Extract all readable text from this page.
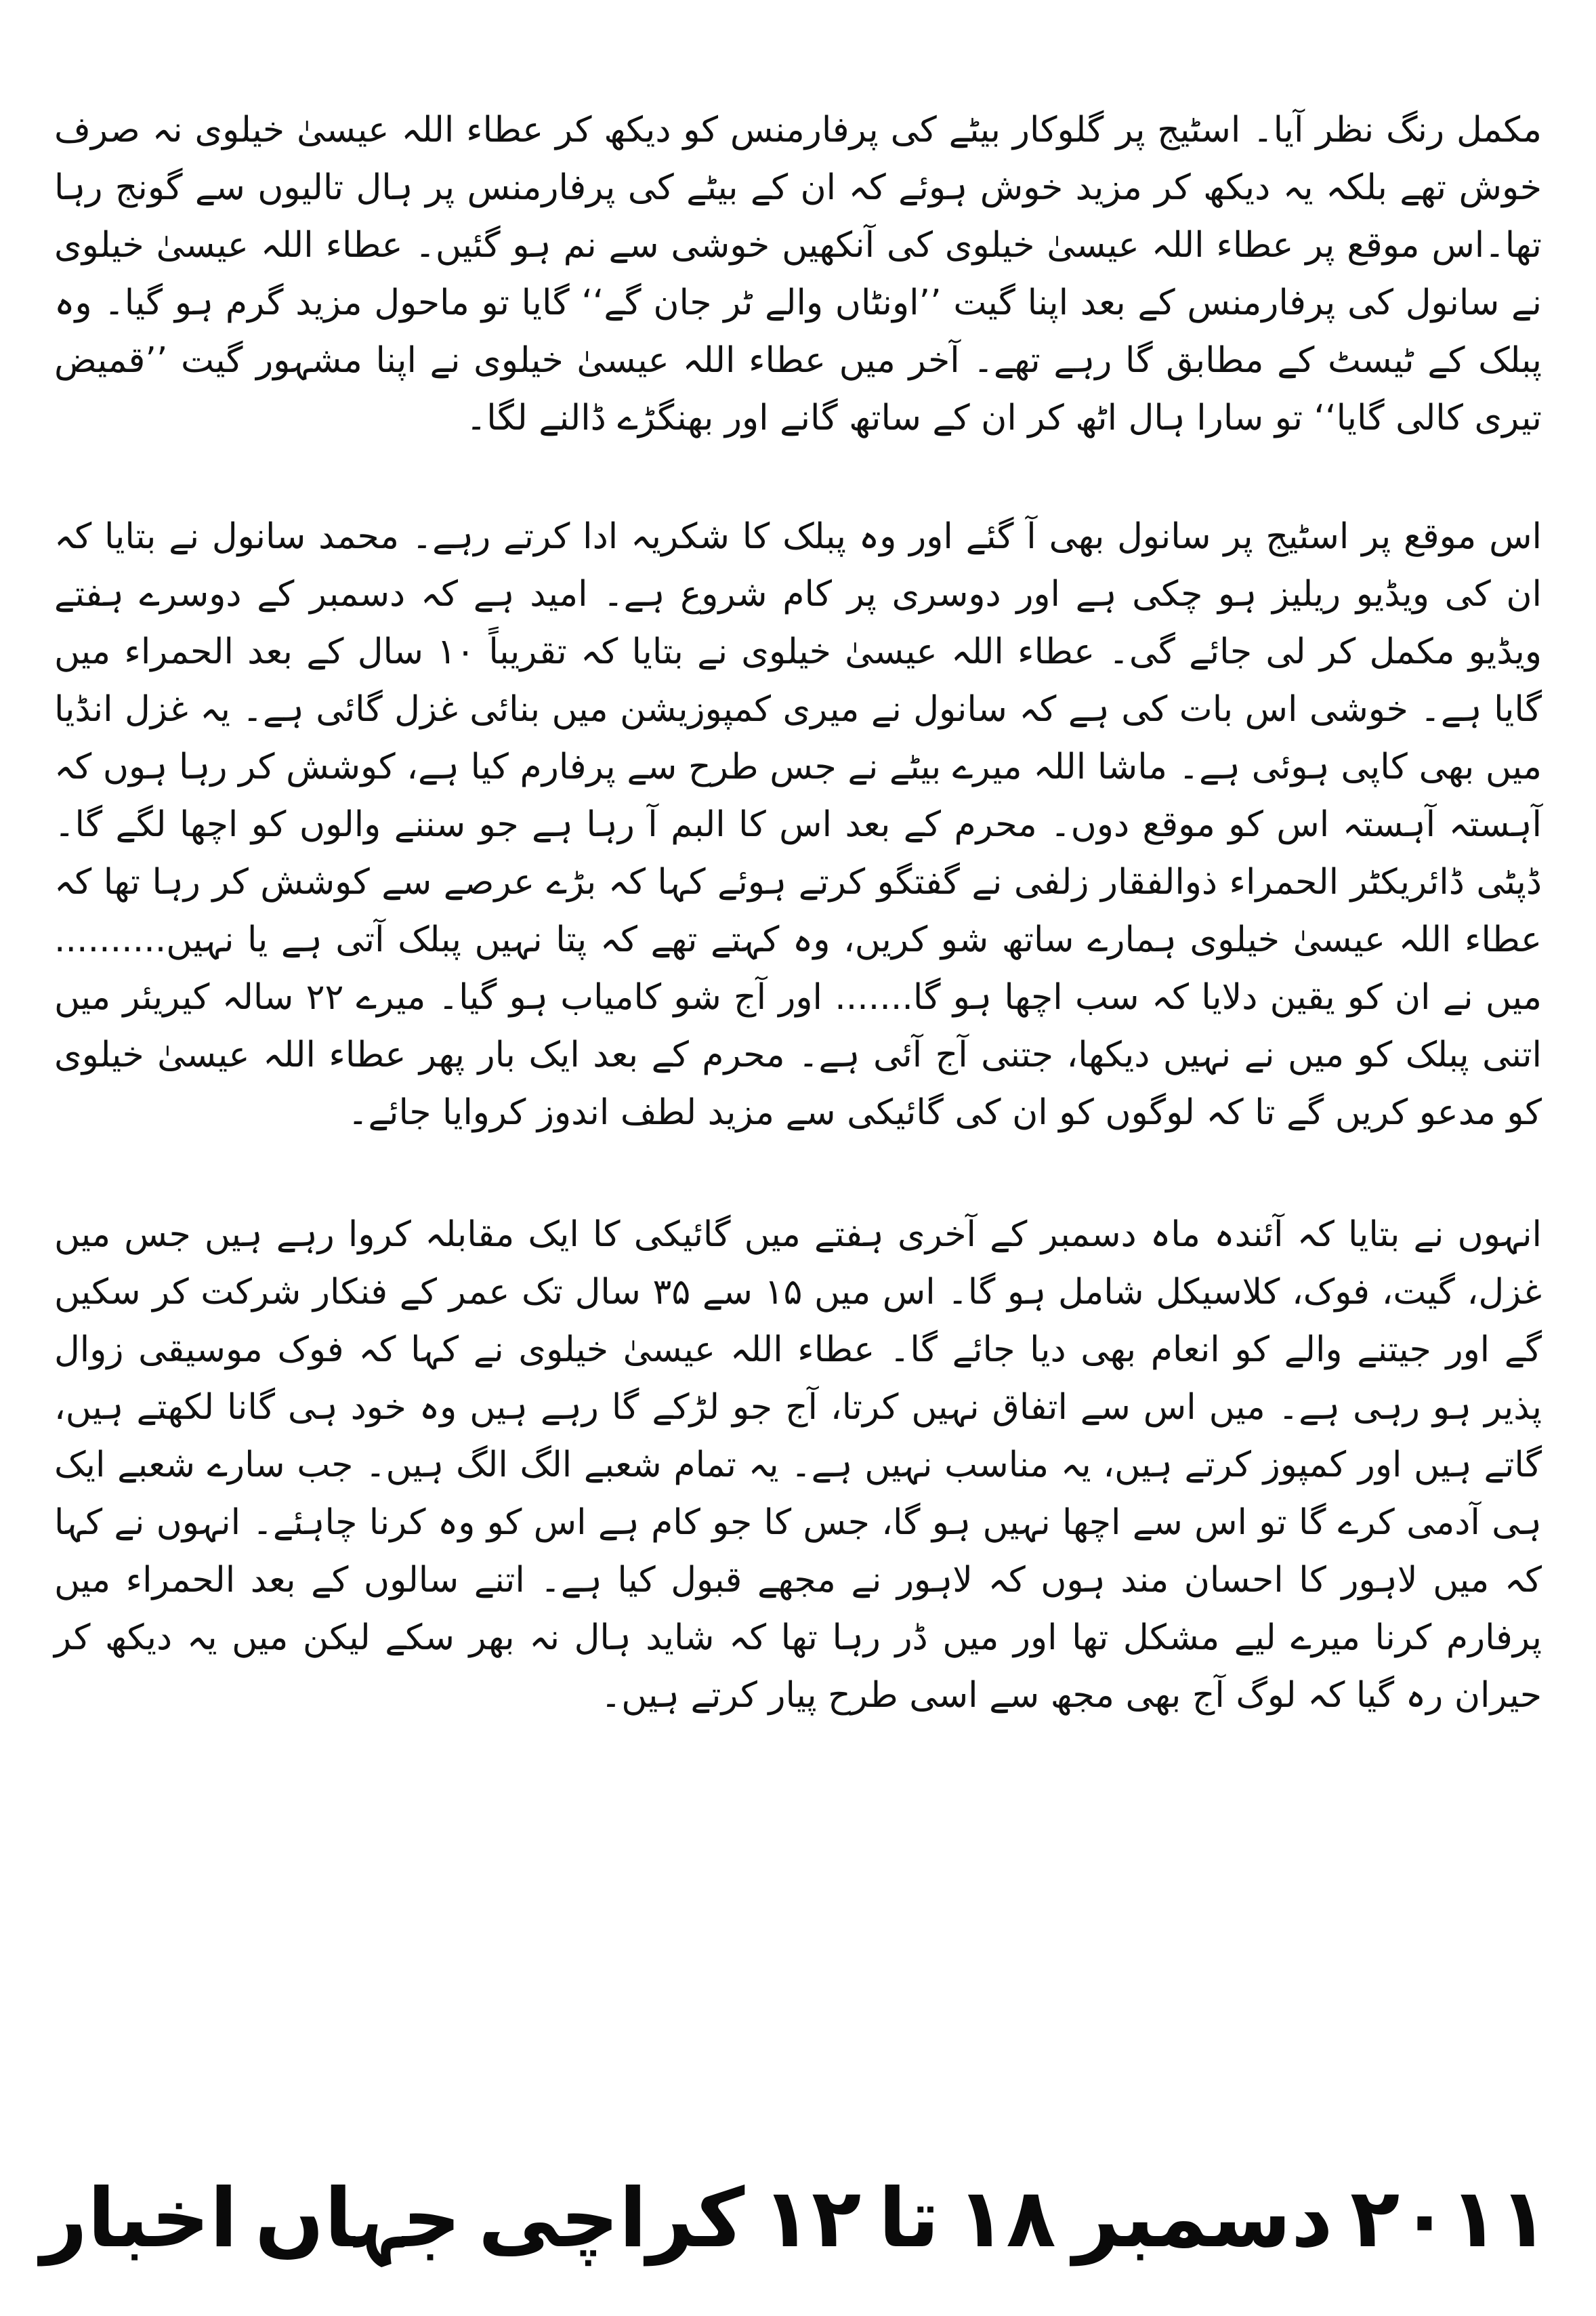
مکمل رنگ نظر آیا۔ اسٹیج پر گلوکار بیٹے کی پرفارمنس کو دیکھ کر عطاء اللہ عیسیٰ خیلوی نہ صرف خوش تھے بلکہ یہ دیکھ کر مزید خوش ہوئے کہ ان کے بیٹے کی پرفارمنس پر ہال تالیوں سے گونج رہا تھا۔اس موقع پر عطاء اللہ عیسیٰ خیلوی کی آنکھیں خوشی سے نم ہو گئیں۔ عطاء اللہ عیسیٰ خیلوی نے سانول کی پرفارمنس کے بعد اپنا گیت ’’اونٹاں والے ٹر جان گے‘‘ گایا تو ماحول مزید گرم ہو گیا۔ وہ پبلک کے ٹیسٹ کے مطابق گا رہے تھے۔ آخر میں عطاء اللہ عیسیٰ خیلوی نے اپنا مشہور گیت ’’قمیض تیری کالی گایا‘‘ تو سارا ہال اٹھ کر ان کے ساتھ گانے اور بھنگڑے ڈالنے لگا۔

اس موقع پر اسٹیج پر سانول بھی آ گئے اور وہ پبلک کا شکریہ ادا کرتے رہے۔ محمد سانول نے بتایا کہ ان کی ویڈیو ریلیز ہو چکی ہے اور دوسری پر کام شروع ہے۔ امید ہے کہ دسمبر کے دوسرے ہفتے ویڈیو مکمل کر لی جائے گی۔ عطاء اللہ عیسیٰ خیلوی نے بتایا کہ تقریباً ۱۰ سال کے بعد الحمراء میں گایا ہے۔ خوشی اس بات کی ہے کہ سانول نے میری کمپوزیشن میں بنائی غزل گائی ہے۔ یہ غزل انڈیا میں بھی کاپی ہوئی ہے۔ ماشا اللہ میرے بیٹے نے جس طرح سے پرفارم کیا ہے، کوشش کر رہا ہوں کہ آہستہ آہستہ اس کو موقع دوں۔ محرم کے بعد اس کا البم آ رہا ہے جو سننے والوں کو اچھا لگے گا۔ ڈپٹی ڈائریکٹر الحمراء ذوالفقار زلفی نے گفتگو کرتے ہوئے کہا کہ بڑے عرصے سے کوشش کر رہا تھا کہ عطاء اللہ عیسیٰ خیلوی ہمارے ساتھ شو کریں، وہ کہتے تھے کہ پتا نہیں پبلک آتی ہے یا نہیں.......... میں نے ان کو یقین دلایا کہ سب اچھا ہو گا....... اور آج شو کامیاب ہو گیا۔ میرے ۲۲ سالہ کیریئر میں اتنی پبلک کو میں نے نہیں دیکھا، جتنی آج آئی ہے۔ محرم کے بعد ایک بار پھر عطاء اللہ عیسیٰ خیلوی کو مدعو کریں گے تا کہ لوگوں کو ان کی گائیکی سے مزید لطف اندوز کروایا جائے۔

انہوں نے بتایا کہ آئندہ ماہ دسمبر کے آخری ہفتے میں گائیکی کا ایک مقابلہ کروا رہے ہیں جس میں غزل، گیت، فوک، کلاسیکل شامل ہو گا۔ اس میں ۱۵ سے ۳۵ سال تک عمر کے فنکار شرکت کر سکیں گے اور جیتنے والے کو انعام بھی دیا جائے گا۔ عطاء اللہ عیسیٰ خیلوی نے کہا کہ فوک موسیقی زوال پذیر ہو رہی ہے۔ میں اس سے اتفاق نہیں کرتا، آج جو لڑکے گا رہے ہیں وہ خود ہی گانا لکھتے ہیں، گاتے ہیں اور کمپوز کرتے ہیں، یہ مناسب نہیں ہے۔ یہ تمام شعبے الگ الگ ہیں۔ جب سارے شعبے ایک ہی آدمی کرے گا تو اس سے اچھا نہیں ہو گا، جس کا جو کام ہے اس کو وہ کرنا چاہئے۔ انہوں نے کہا کہ میں لاہور کا احسان مند ہوں کہ لاہور نے مجھے قبول کیا ہے۔ اتنے سالوں کے بعد الحمراء میں پرفارم کرنا میرے لیے مشکل تھا اور میں ڈر رہا تھا کہ شاید ہال نہ بھر سکے لیکن میں یہ دیکھ کر حیران رہ گیا کہ لوگ آج بھی مجھ سے اسی طرح پیار کرتے ہیں۔

اخبار جہاں کراچی ۱۲ تا ۱۸ دسمبر ۲۰۱۱
